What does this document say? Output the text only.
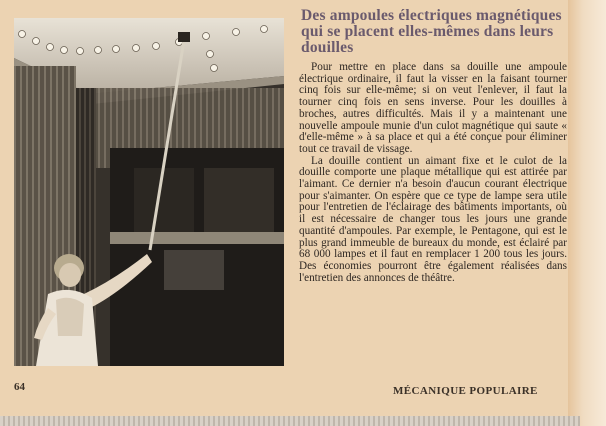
Des ampoules électriques magnétiques qui se placent elles-mêmes dans leurs douilles

Pour mettre en place dans sa douille une ampoule électrique ordinaire, il faut la visser en la faisant tourner cinq fois sur elle-même; si on veut l'enlever, il faut la tourner cinq fois en sens inverse. Pour les douilles à broches, autres difficultés. Mais il y a maintenant une nouvelle ampoule munie d'un culot magnétique qui saute « d'elle-même » à sa place et qui a été conçue pour éliminer tout ce travail de vissage.

La douille contient un aimant fixe et le culot de la douille comporte une plaque métallique qui est attirée par l'aimant. Ce dernier n'a besoin d'aucun courant électrique pour s'aimanter. On espère que ce type de lampe sera utile pour l'entretien de l'éclairage des bâtiments importants, où il est nécessaire de changer tous les jours une grande quantité d'ampoules. Par exemple, le Pentagone, qui est le plus grand immeuble de bureaux du monde, est éclairé par 68 000 lampes et il faut en remplacer 1 200 tous les jours. Des économies pourront être également réalisées dans l'entretien des annonces de théâtre.

64	MÉCANIQUE POPULAIRE
